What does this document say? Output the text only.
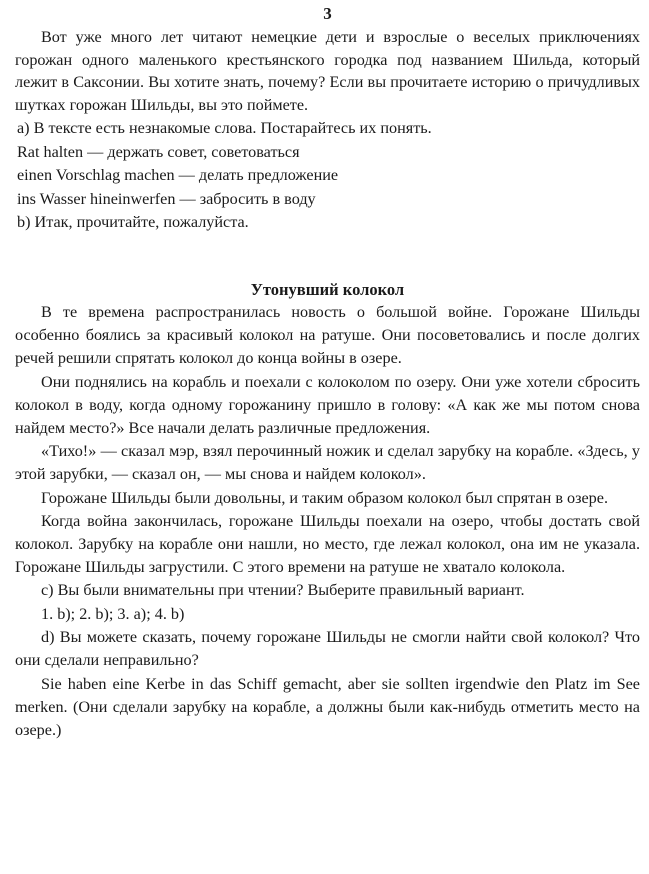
3

Вот уже много лет читают немецкие дети и взрослые о веселых приключениях горожан одного маленького крестьянского городка под названием Шильда, который лежит в Саксонии. Вы хотите знать, почему? Если вы прочитаете историю о причудливых шутках горожан Шильды, вы это поймете.

a) В тексте есть незнакомые слова. Постарайтесь их понять.

Rat halten — держать совет, советоваться

einen Vorschlag machen — делать предложение

ins Wasser hineinwerfen — забросить в воду

b) Итак, прочитайте, пожалуйста.

Утонувший колокол

В те времена распространилась новость о большой войне. Горожане Шильды особенно боялись за красивый колокол на ратуше. Они посоветовались и после долгих речей решили спрятать колокол до конца войны в озере.

Они поднялись на корабль и поехали с колоколом по озеру. Они уже хотели сбросить колокол в воду, когда одному горожанину пришло в голову: «А как же мы потом снова найдем место?» Все начали делать различные предложения.

«Тихо!» — сказал мэр, взял перочинный ножик и сделал зарубку на корабле. «Здесь, у этой зарубки, — сказал он, — мы снова и найдем колокол».

Горожане Шильды были довольны, и таким образом колокол был спрятан в озере.

Когда война закончилась, горожане Шильды поехали на озеро, чтобы достать свой колокол. Зарубку на корабле они нашли, но место, где лежал колокол, она им не указала. Горожане Шильды загрустили. С этого времени на ратуше не хватало колокола.

c) Вы были внимательны при чтении? Выберите правильный вариант.

1. b); 2. b); 3. a); 4. b)

d) Вы можете сказать, почему горожане Шильды не смогли найти свой колокол? Что они сделали неправильно?

Sie haben eine Kerbe in das Schiff gemacht, aber sie sollten irgendwie den Platz im See merken. (Они сделали зарубку на корабле, а должны были как-нибудь отметить место на озере.)
